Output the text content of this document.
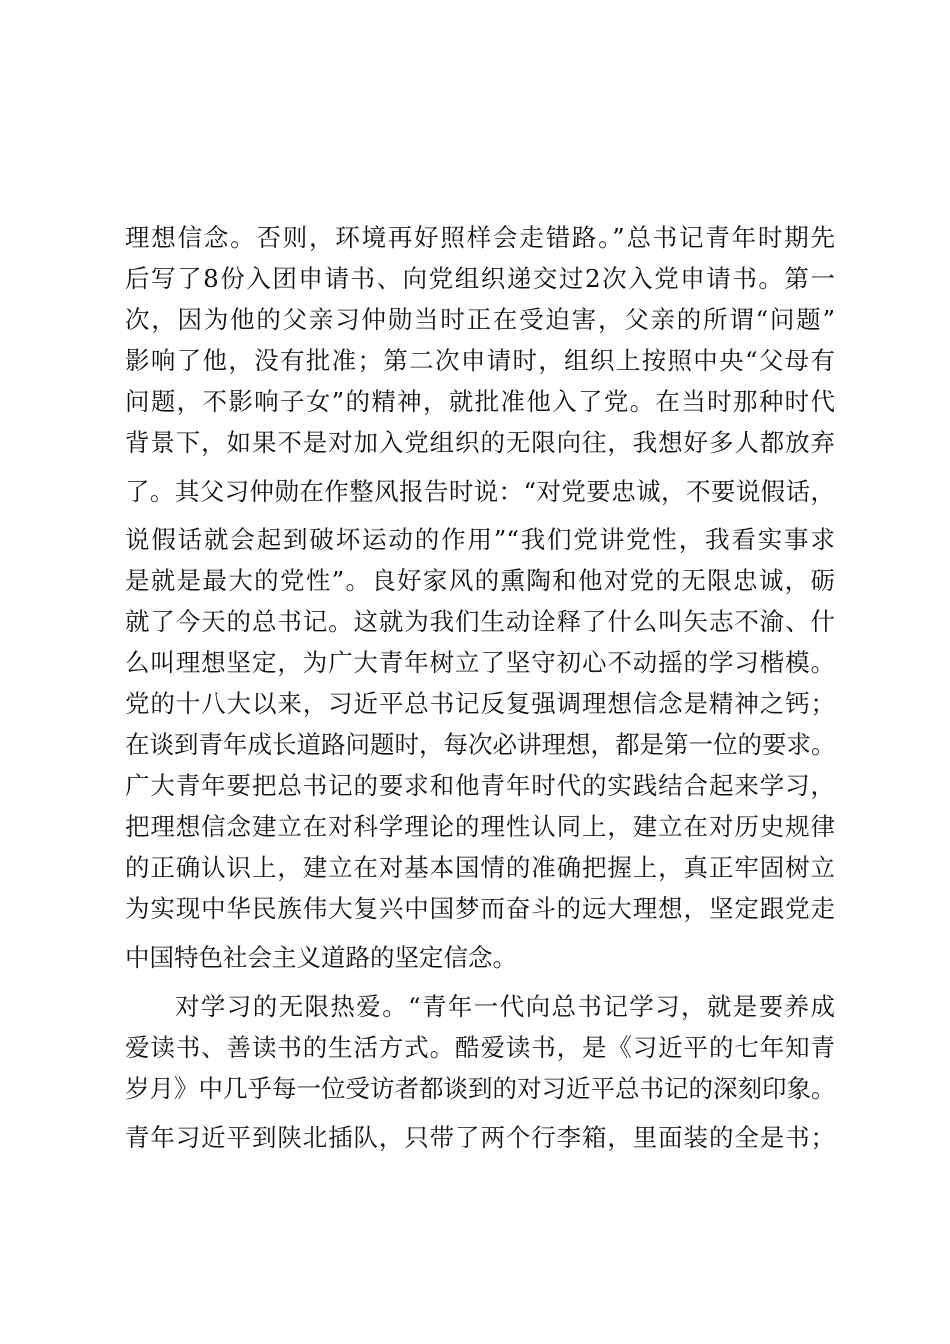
理想信念。否则，环境再好照样会走错路。”总书记青年时期先

后写了8份入团申请书、向党组织递交过2次入党申请书。第一

次，因为他的父亲习仲勋当时正在受迫害，父亲的所谓“问题”

影响了他，没有批准；第二次申请时，组织上按照中央“父母有

问题，不影响子女”的精神，就批准他入了党。在当时那种时代

背景下，如果不是对加入党组织的无限向往，我想好多人都放弃

了。其父习仲勋在作整风报告时说：“对党要忠诚，不要说假话，

说假话就会起到破坏运动的作用”“我们党讲党性，我看实事求

是就是最大的党性”。良好家风的熏陶和他对党的无限忠诚，砺

就了今天的总书记。这就为我们生动诠释了什么叫矢志不渝、什

么叫理想坚定，为广大青年树立了坚守初心不动摇的学习楷模。

党的十八大以来，习近平总书记反复强调理想信念是精神之钙；

在谈到青年成长道路问题时，每次必讲理想，都是第一位的要求。

广大青年要把总书记的要求和他青年时代的实践结合起来学习，

把理想信念建立在对科学理论的理性认同上，建立在对历史规律

的正确认识上，建立在对基本国情的准确把握上，真正牢固树立

为实现中华民族伟大复兴中国梦而奋斗的远大理想，坚定跟党走

中国特色社会主义道路的坚定信念。

对学习的无限热爱。“青年一代向总书记学习，就是要养成

爱读书、善读书的生活方式。酷爱读书，是《习近平的七年知青

岁月》中几乎每一位受访者都谈到的对习近平总书记的深刻印象。

青年习近平到陕北插队，只带了两个行李箱，里面装的全是书；
